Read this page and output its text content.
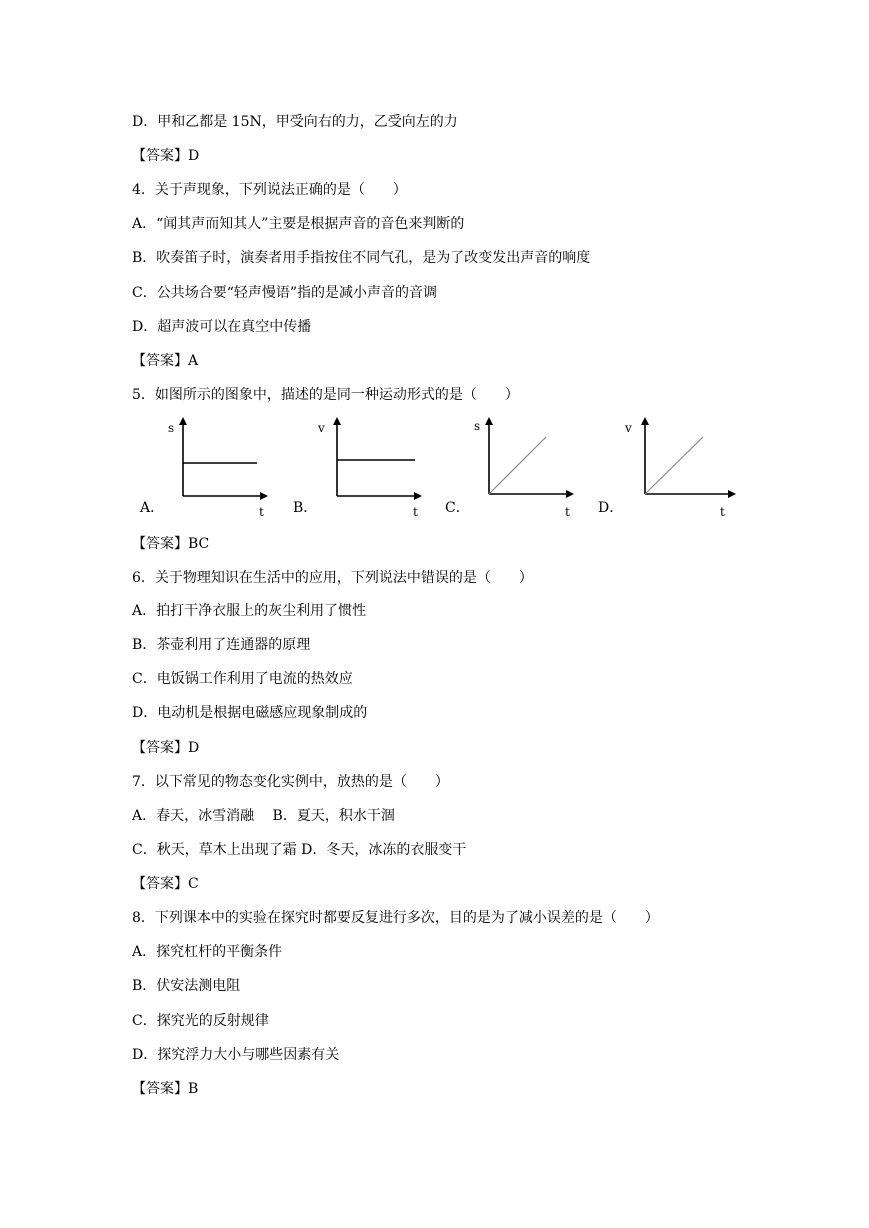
D．甲和乙都是 15N，甲受向右的力，乙受向左的力
【答案】D
4．关于声现象，下列说法正确的是（　　）
A．“闻其声而知其人”主要是根据声音的音色来判断的
B．吹奏笛子时，演奏者用手指按住不同气孔，是为了改变发出声音的响度
C．公共场合要“轻声慢语”指的是减小声音的音调
D．超声波可以在真空中传播
【答案】A
5．如图所示的图象中，描述的是同一种运动形式的是（　　）
A．
s
t B．
v
t C．
s
t D．
v
t
【答案】BC
6．关于物理知识在生活中的应用，下列说法中错误的是（　　）
A．拍打干净衣服上的灰尘利用了惯性
B．茶壶利用了连通器的原理
C．电饭锅工作利用了电流的热效应
D．电动机是根据电磁感应现象制成的
【答案】D
7．以下常见的物态变化实例中，放热的是（　　）
A．春天，冰雪消融　 B．夏天，积水干涸
C．秋天，草木上出现了霜 D．冬天，冰冻的衣服变干
【答案】C
8．下列课本中的实验在探究时都要反复进行多次，目的是为了减小误差的是（　　）
A．探究杠杆的平衡条件
B．伏安法测电阻
C．探究光的反射规律
D．探究浮力大小与哪些因素有关
【答案】B
